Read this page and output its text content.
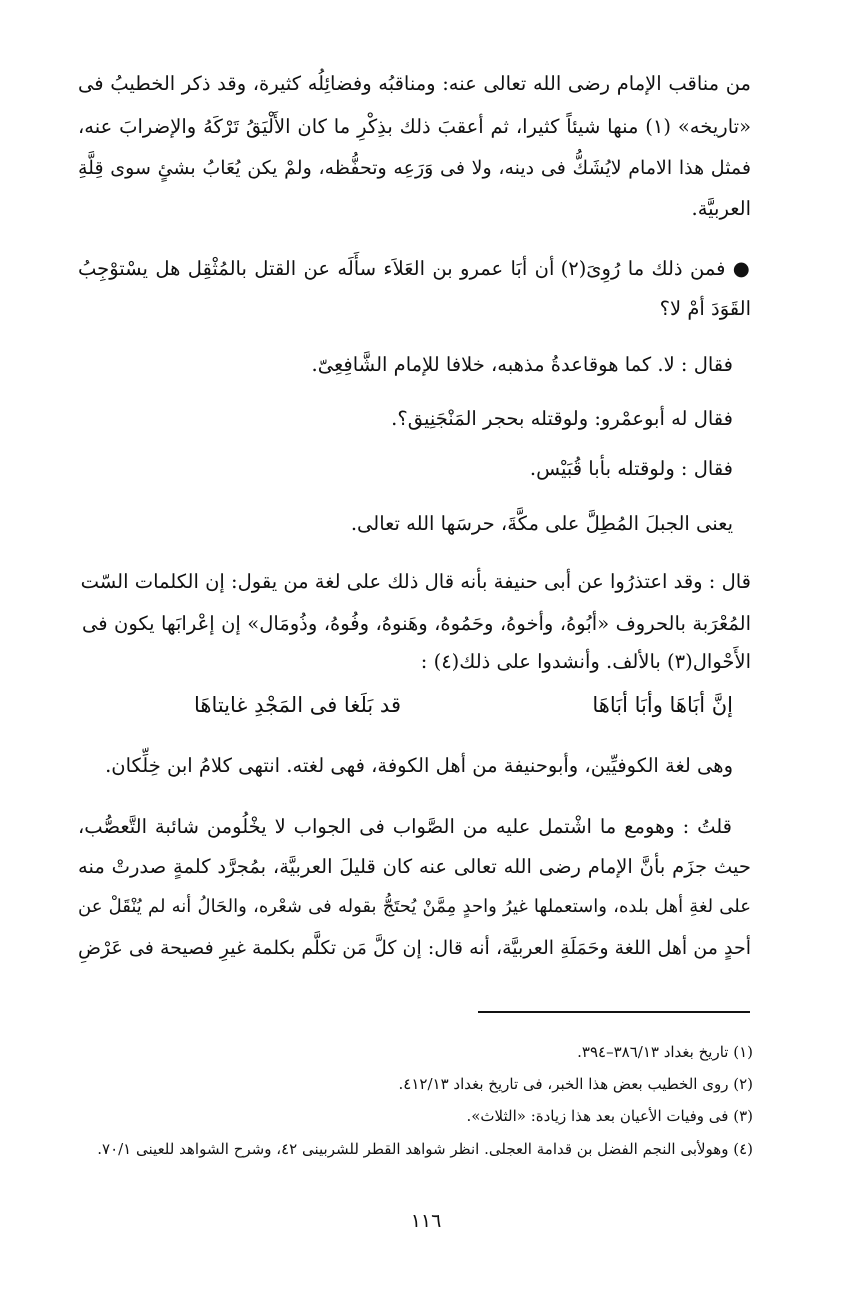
من مناقب الإمام رضى الله تعالى عنه: ومناقبُه وفضائِلُه كثيرة، وقد ذكر الخطيبُ فى
«تاريخه» (١) منها شيئاً كثيرا، ثم أعقبَ ذلك بذِكْرِ ما كان الأَلْيَقُ تَرْكَهُ والإضرابَ عنه،
فمثل هذا الامام لايُشَكُّ فى دينه، ولا فى وَرَعِه وتحفُّظه، ولمْ يكن يُعَابُ بشئٍ سوى قِلَّةِ
العربيَّة.
● فمن ذلك ما رُوِىَ(٢) أن أبَا عمرو بن العَلاَء سأَلَه عن القتل بالمُثْقِل هل يسْتوْجِبُ
القَوَدَ أمْ لا؟
فقال : لا. كما هوقاعدةُ مذهبه، خلافا للإمام الشَّافِعِىّ.
فقال له أبوعمْرو: ولوقتله بحجر المَنْجَنِيق؟.
فقال : ولوقتله بأبا قُبَيْس.
يعنى الجبلَ المُطِلَّ على مكَّةَ، حرسَها الله تعالى.
قال : وقد اعتذرُوا عن أبى حنيفة بأنه قال ذلك على لغة من يقول: إن الكلمات السّت
المُعْرَبة بالحروف «أبُوهُ، وأخوهُ، وحَمُوهُ، وهَنوهُ، وفُوهُ، وذُومَال» إن إعْرابَها يكون فى
الأَحْوال(٣) بالألف. وأنشدوا على ذلك(٤) :
إنَّ أبَاهَا وأبَا أبَاهَا
قد بَلَغا فى المَجْدِ غايتاهَا
وهى لغة الكوفيِّين، وأبوحنيفة من أهل الكوفة، فهى لغته. انتهى كلامُ ابن خِلِّكان.
قلتُ : وهومع ما اشْتمل عليه من الصَّواب فى الجواب لا يخْلُومن شائبة التَّعصُّب،
حيث جزَم بأنَّ الإمام رضى الله تعالى عنه كان قليلَ العربيَّة، بمُجرَّد كلمةٍ صدرتْ منه
على لغةِ أهل بلده، واستعملها غيرُ واحدٍ مِمَّنْ يُحتَجُّ بقوله فى شعْره، والحَالُ أنه لم يُنْقَلْ عن
أحدٍ من أهل اللغة وحَمَلَةِ العربيَّة، أنه قال: إن كلَّ مَن تكلَّم بكلمة غيرِ فصيحة فى عَرْضِ
(١) تاريخ بغداد ٣٨٦/١٣–٣٩٤.
(٢) روى الخطيب بعض هذا الخبر، فى تاريخ بغداد ٤١٢/١٣.
(٣) فى وفيات الأعيان بعد هذا زيادة: «الثلاث».
(٤) وهولأبى النجم الفضل بن قدامة العجلى. انظر شواهد القطر للشربينى ٤٢، وشرح الشواهد للعينى ٧٠/١.
١١٦
